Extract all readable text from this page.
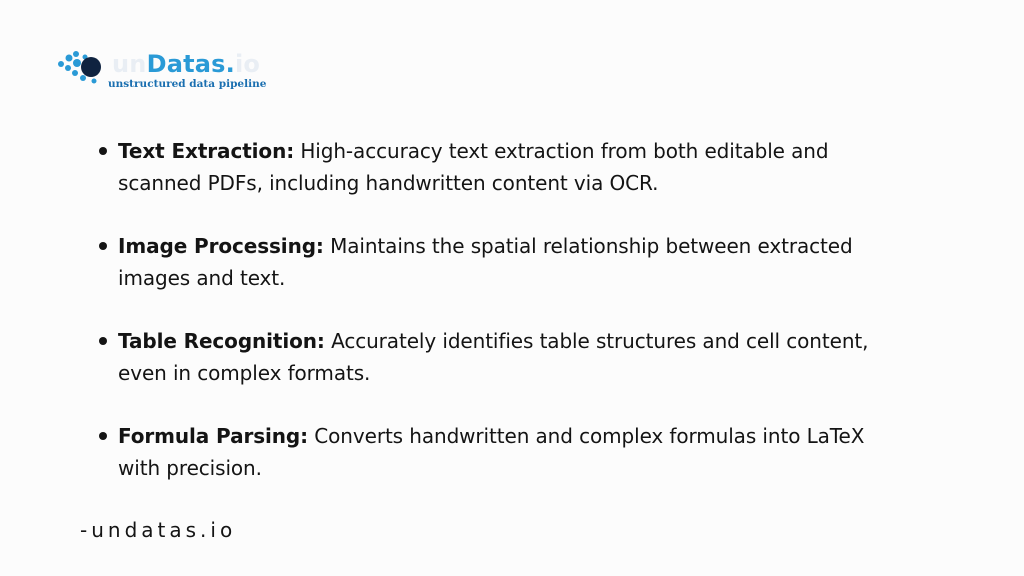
unDatas.io
unstructured data pipeline
Text Extraction: High-accuracy text extraction from both editable and scanned PDFs, including handwritten content via OCR.
Image Processing: Maintains the spatial relationship between extracted images and text.
Table Recognition: Accurately identifies table structures and cell content, even in complex formats.
Formula Parsing: Converts handwritten and complex formulas into LaTeX with precision.
-undatas.io
